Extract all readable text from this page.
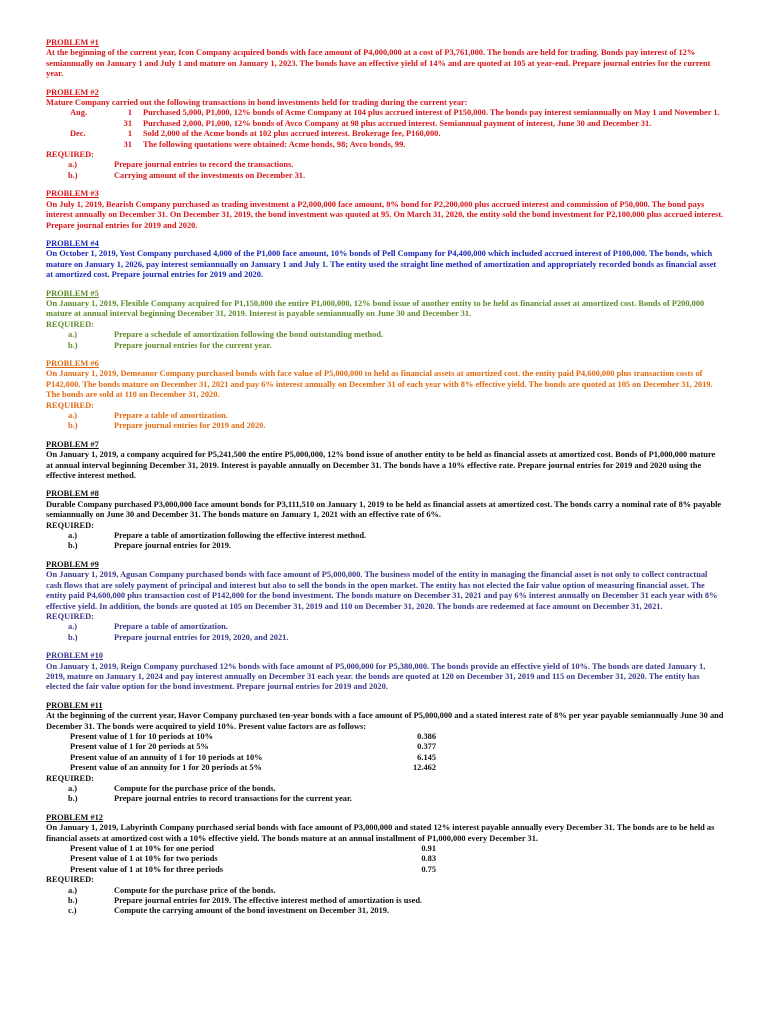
PROBLEM #1

At the beginning of the current year, Icon Company acquired bonds with face amount of P4,000,000 at a cost of P3,761,000. The bonds are held for trading. Bonds pay interest of 12% semiannually on January 1 and July 1 and mature on January 1, 2023. The bonds have an effective yield of 14% and are quoted at 105 at year-end. Prepare journal entries for the current year.

PROBLEM #2

Mature Company carried out the following transactions in bond investments held for trading during the current year:

Aug.	1 Purchased 5,000, P1,000, 12% bonds of Acme Company at 104 plus accrued interest of P150,000. The bonds pay interest semiannually on May 1 and November 1.
31 Purchased 2,000, P1,000, 12% bonds of Avco Company at 98 plus accrued interest. Semiannual payment of interest, June 30 and December 31.
Dec.	1 Sold 2,000 of the Acme bonds at 102 plus accrued interest. Brokerage fee, P160,000.
31 The following quotations were obtained: Acme bonds, 98; Avco bonds, 99.

REQUIRED:

a.)	Prepare journal entries to record the transactions.
b.)	Carrying amount of the investments on December 31.

PROBLEM #3

On July 1, 2019, Bearish Company purchased as trading investment a P2,000,000 face amount, 8% bond for P2,200,000 plus accrued interest and commission of P50,000. The bond pays interest annually on December 31. On December 31, 2019, the bond investment was quoted at 95. On March 31, 2020, the entity sold the bond investment for P2,100,000 plus accrued interest. Prepare journal entries for 2019 and 2020.

PROBLEM #4

On October 1, 2019, Yost Company purchased 4,000 of the P1,000 face amount, 10% bonds of Pell Company for P4,400,000 which included accrued interest of P100,000. The bonds, which mature on January 1, 2026, pay interest semiannually on January 1 and July 1. The entity used the straight line method of amortization and appropriately recorded bonds as financial asset at amortized cost. Prepare journal entries for 2019 and 2020.

PROBLEM #5

On January 1, 2019, Flexible Company acquired for P1,150,000 the entire P1,000,000, 12% bond issue of another entity to be held as financial asset at amortized cost. Bonds of P200,000 mature at annual interval beginning December 31, 2019. Interest is payable semiannually on June 30 and December 31.

REQUIRED:

a.)	Prepare a schedule of amortization following the bond outstanding method.
b.)	Prepare journal entries for the current year.

PROBLEM #6

On January 1, 2019, Demeanor Company purchased bonds with face value of P5,000,000 to held as financial assets at amortized cost. the entity paid P4,600,000 plus transaction costs of P142,000. The bonds mature on December 31, 2021 and pay 6% interest annually on December 31 of each year with 8% effective yield. The bonds are quoted at 105 on December 31, 2019. The bonds are sold at 110 on December 31, 2020.

REQUIRED:

a.)	Prepare a table of amortization.
b.)	Prepare journal entries for 2019 and 2020.

PROBLEM #7

On January 1, 2019, a company acquired for P5,241,500 the entire P5,000,000, 12% bond issue of another entity to be held as financial assets at amortized cost. Bonds of P1,000,000 mature at annual interval beginning December 31, 2019. Interest is payable annually on December 31. The bonds have a 10% effective rate. Prepare journal entries for 2019 and 2020 using the effective interest method.

PROBLEM #8

Durable Company purchased P3,000,000 face amount bonds for P3,111,510 on January 1, 2019 to be held as financial assets at amortized cost. The bonds carry a nominal rate of 8% payable semiannually on June 30 and December 31. The bonds mature on January 1, 2021 with an effective rate of 6%.

REQUIRED:

a.)	Prepare a table of amortization following the effective interest method.
b.)	Prepare journal entries for 2019.

PROBLEM #9

On January 1, 2019, Agusan Company purchased bonds with face amount of P5,000,000. The business model of the entity in managing the financial asset is not only to collect contractual cash flows that are solely payment of principal and interest but also to sell the bonds in the open market. The entity has not elected the fair value option of measuring financial asset. The entity paid P4,600,000 plus transaction cost of P142,000 for the bond investment. The bonds mature on December 31, 2021 and pay 6% interest annually on December 31 each year with 8% effective yield. In addition, the bonds are quoted at 105 on December 31, 2019 and 110 on December 31, 2020. The bonds are redeemed at face amount on December 31, 2021.

REQUIRED:

a.)	Prepare a table of amortization.
b.)	Prepare journal entries for 2019, 2020, and 2021.

PROBLEM #10

On January 1, 2019, Reign Company purchased 12% bonds with face amount of P5,000,000 for P5,380,000. The bonds provide an effective yield of 10%. The bonds are dated January 1, 2019, mature on January 1, 2024 and pay interest annually on December 31 each year. the bonds are quoted at 120 on December 31, 2019 and 115 on December 31, 2020. The entity has elected the fair value option for the bond investment. Prepare journal entries for 2019 and 2020.

PROBLEM #11

At the beginning of the current year, Havor Company purchased ten-year bonds with a face amount of P5,000,000 and a stated interest rate of 8% per year payable semiannually June 30 and December 31. The bonds were acquired to yield 10%. Present value factors are as follows:

Present value of 1 for 10 periods at 10%	0.386
Present value of 1 for 20 periods at 5%	0.377
Present value of an annuity of 1 for 10 periods at 10%	6.145
Present value of an annuity for 1 for 20 periods at 5%	12.462

REQUIRED:

a.)	Compute for the purchase price of the bonds.
b.)	Prepare journal entries to record transactions for the current year.

PROBLEM #12

On January 1, 2019, Labyrinth Company purchased serial bonds with face amount of P3,000,000 and stated 12% interest payable annually every December 31. The bonds are to be held as financial assets at amortized cost with a 10% effective yield. The bonds mature at an annual installment of P1,000,000 every December 31.

Present value of 1 at 10% for one period	0.91
Present value of 1 at 10% for two periods	0.83
Present value of 1 at 10% for three periods	0.75

REQUIRED:

a.)	Compute for the purchase price of the bonds.
b.)	Prepare journal entries for 2019. The effective interest method of amortization is used.
c.)	Compute the carrying amount of the bond investment on December 31, 2019.
